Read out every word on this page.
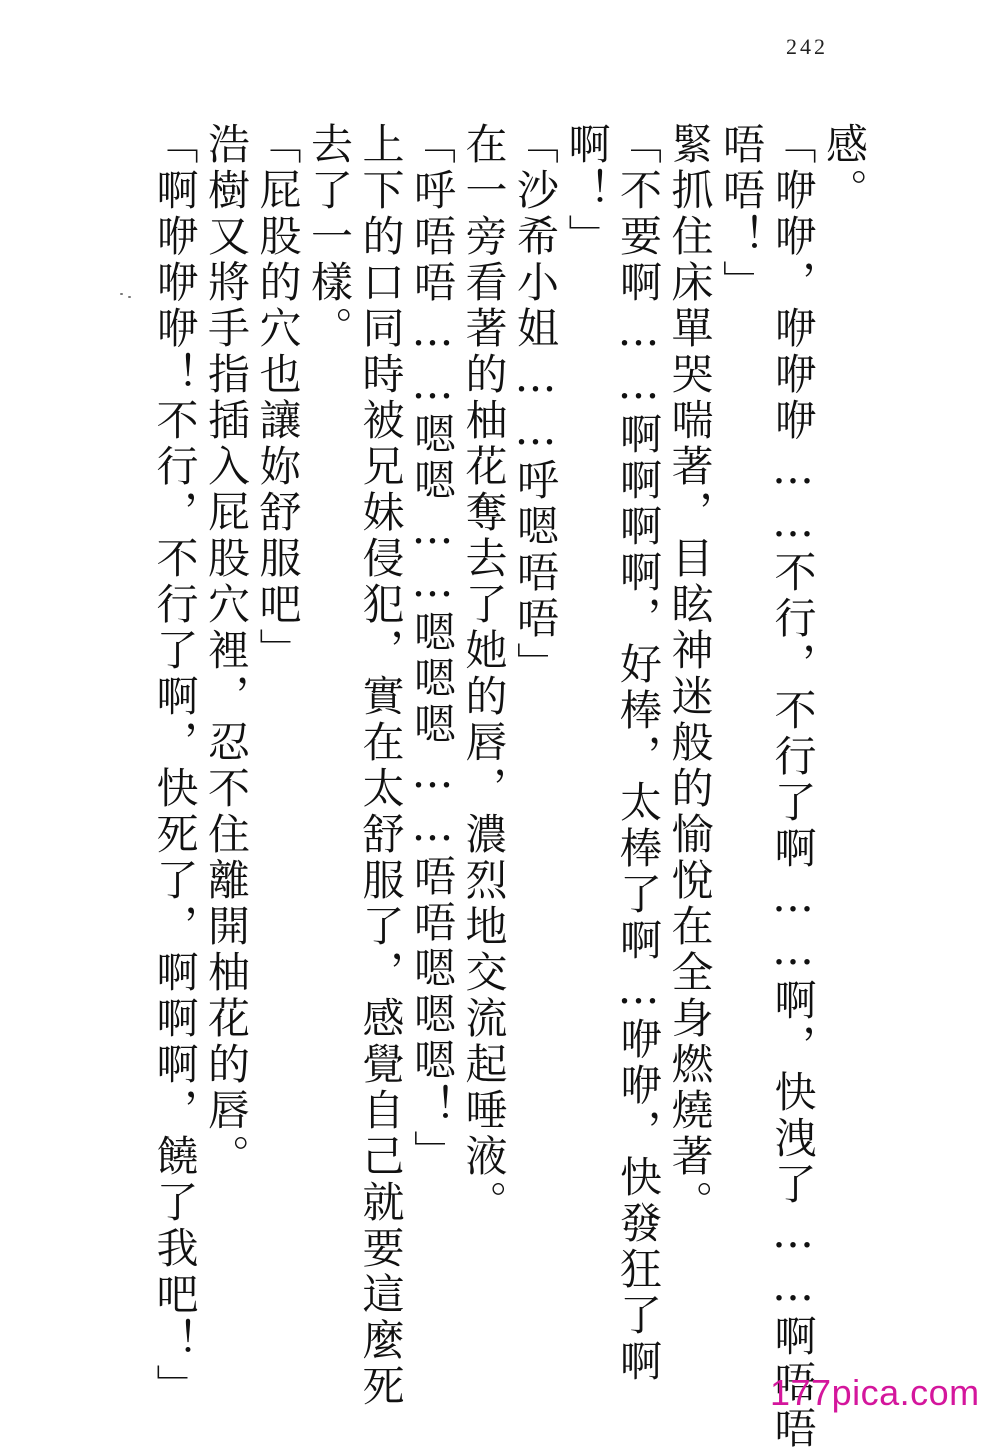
242

感。

「咿咿，咿咿咿……不行，不行了啊……啊，快洩了……啊唔唔

唔唔！」

緊抓住床單哭喘著，目眩神迷般的愉悅在全身燃燒著。

「不要啊……啊啊啊啊，好棒，太棒了啊…咿咿，快發狂了啊

啊！」

「沙希小姐……呼嗯唔唔」

在一旁看著的柚花奪去了她的唇，濃烈地交流起唾液。

「呼唔唔……嗯嗯……嗯嗯嗯……唔唔嗯嗯嗯！」

上下的口同時被兄妹侵犯，實在太舒服了，感覺自己就要這麼死

去了一樣。

「屁股的穴也讓妳舒服吧」

浩樹又將手指插入屁股穴裡，忍不住離開柚花的唇。

「啊咿咿咿！不行，不行了啊，快死了，啊啊啊，饒了我吧！」	177pica.com
